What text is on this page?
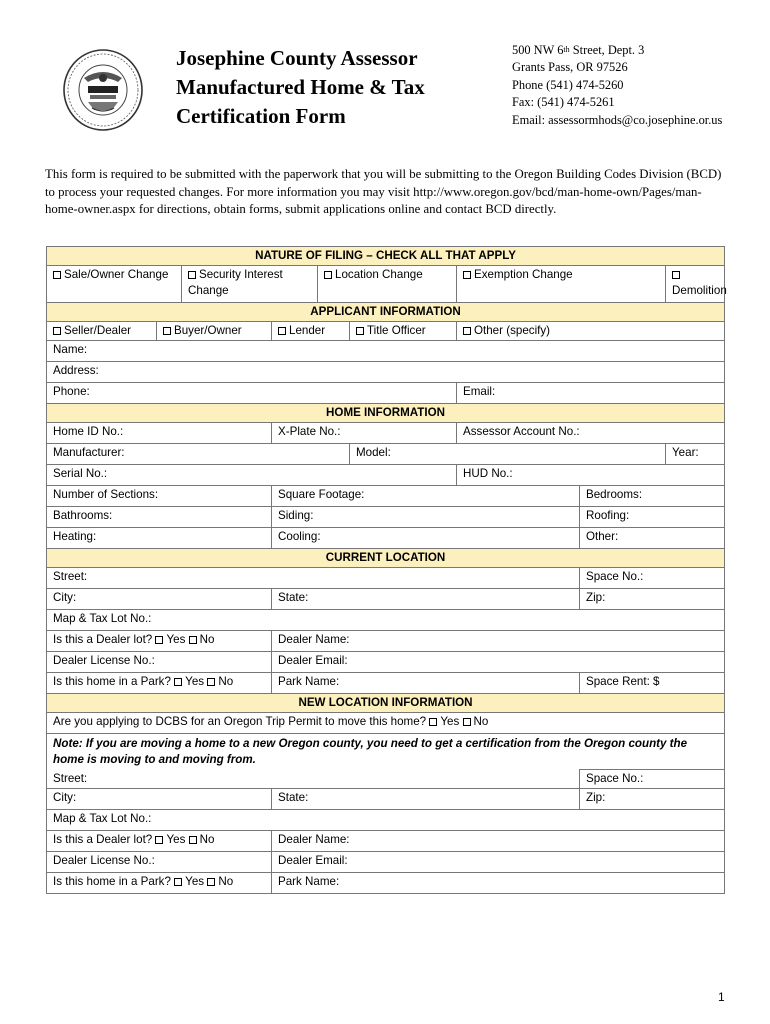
Josephine County Assessor
Manufactured Home & Tax
Certification Form
500 NW 6th Street, Dept. 3
Grants Pass, OR 97526
Phone (541) 474-5260
Fax: (541) 474-5261
Email: assessormhods@co.josephine.or.us
This form is required to be submitted with the paperwork that you will be submitting to the Oregon Building Codes Division (BCD) to process your requested changes. For more information you may visit http://www.oregon.gov/bcd/man-home-own/Pages/man-home-owner.aspx for directions, obtain forms, submit applications online and contact BCD directly.
NATURE OF FILING – CHECK ALL THAT APPLY								
Sale/Owner Change		Security Interest Change		Location Change		Exemption Change		Demolition
APPLICANT INFORMATION								
Seller/Dealer	Buyer/Owner		Lender		Title Officer	Other (specify)		
Name:								
Address:								
Phone:						Email:		
HOME INFORMATION								
Home ID No.:			X-Plate No.:			Assessor Account No.:		
Manufacturer:					Model:			Year:
Serial No.:						HUD No.:		
Number of Sections:			Square Footage:				Bedrooms:	
Bathrooms:			Siding:				Roofing:	
Heating:			Cooling:				Other:	
CURRENT LOCATION								
Street:							Space No.:	
City:			State:				Zip:	
Map & Tax Lot No.:								
Is this a Dealer lot? Yes No			Dealer Name:					
Dealer License No.:			Dealer Email:					
Is this home in a Park? Yes No			Park Name:				Space Rent: $	
NEW LOCATION INFORMATION								
Are you applying to DCBS for an Oregon Trip Permit to move this home? Yes No								
Note: If you are moving a home to a new Oregon county, you need to get a certification from the Oregon county the home is moving to and moving from.								
Street:							Space No.:	
City:			State:				Zip:	
Map & Tax Lot No.:								
Is this a Dealer lot? Yes No			Dealer Name:					
Dealer License No.:			Dealer Email:					
Is this home in a Park? Yes No			Park Name:					
1
